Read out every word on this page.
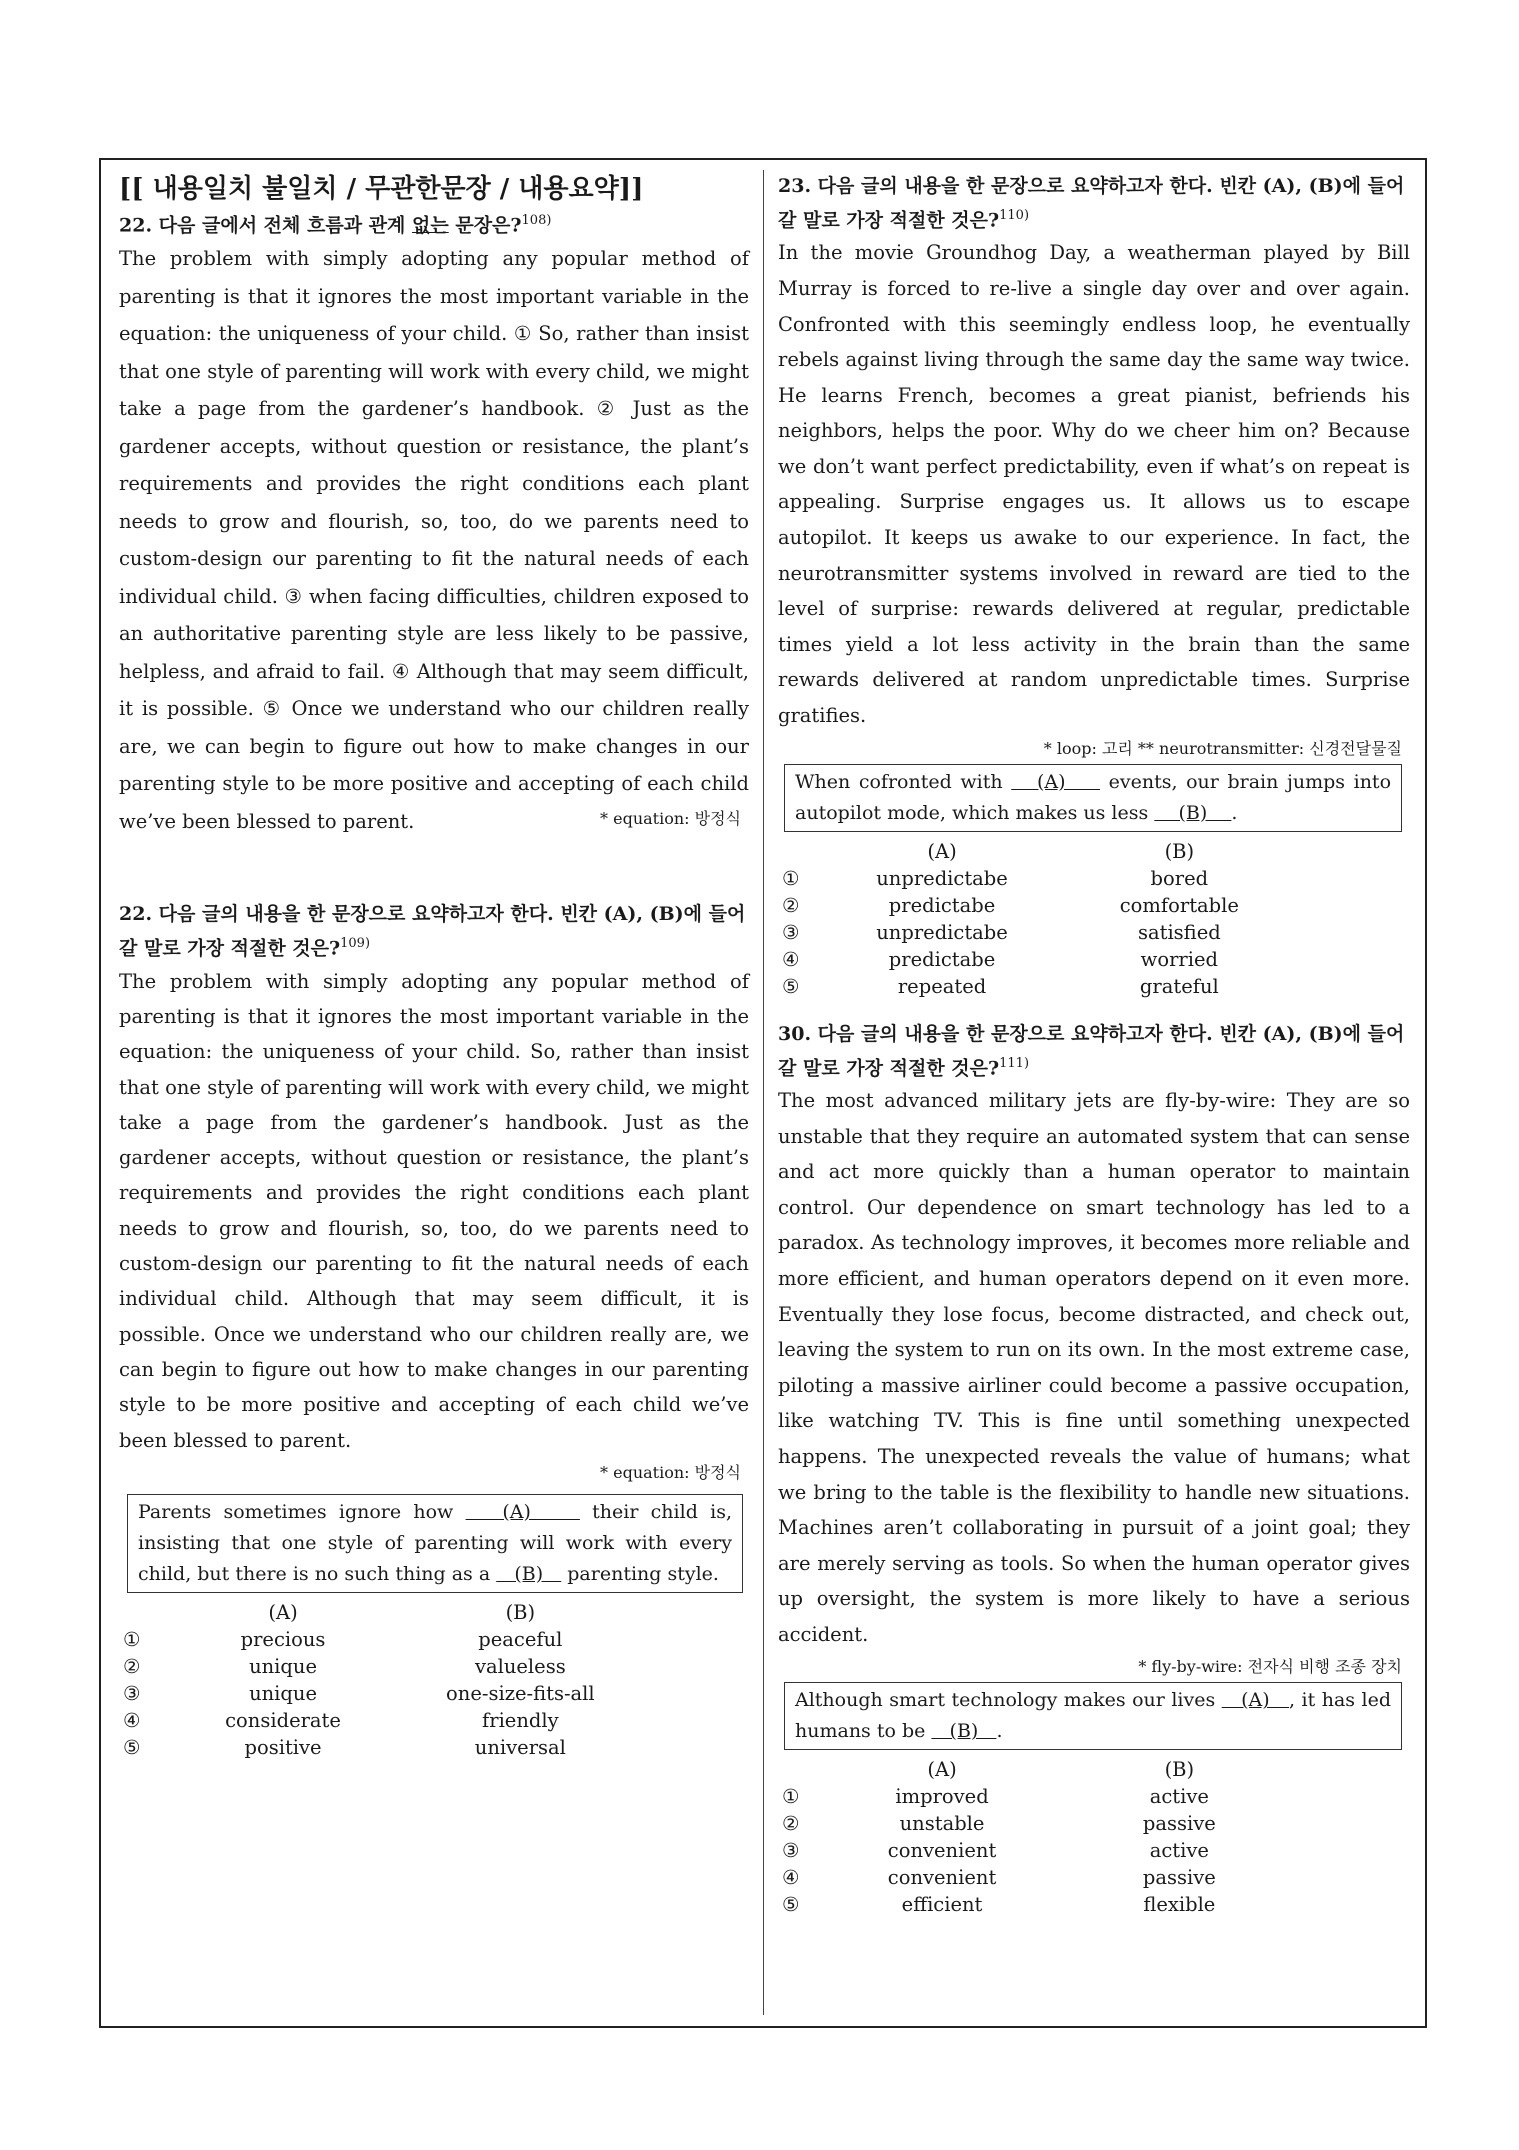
[[ 내용일치 불일치 / 무관한문장 / 내용요약]]
22. 다음 글에서 전체 흐름과 관계 없는 문장은?$^{108)}$

The problem with simply adopting any popular method of parenting is that it ignores the most important variable in the equation: the uniqueness of your child. ① So, rather than insist that one style of parenting will work with every child, we might take a page from the gardener’s handbook. ② Just as the gardener accepts, without question or resistance, the plant’s requirements and provides the right conditions each plant needs to grow and flourish, so, too, do we parents need to custom-design our parenting to fit the natural needs of each individual child. ③ when facing difficulties, children exposed to an authoritative parenting style are less likely to be passive, helpless, and afraid to fail. ④ Although that may seem difficult, it is possible. ⑤ Once we understand who our children really are, we can begin to figure out how to make changes in our parenting style to be more positive and accepting of each child we’ve been blessed to parent.	* equation: 방정식
22. 다음 글의 내용을 한 문장으로 요약하고자 한다. 빈칸 (A), (B)에 들어갈 말로 가장 적절한 것은?$^{109)}$

The problem with simply adopting any popular method of parenting is that it ignores the most important variable in the equation: the uniqueness of your child. So, rather than insist that one style of parenting will work with every child, we might take a page from the gardener’s handbook. Just as the gardener accepts, without question or resistance, the plant’s requirements and provides the right conditions each plant needs to grow and flourish, so, too, do we parents need to custom-design our parenting to fit the natural needs of each individual child. Although that may seem difficult, it is possible. Once we understand who our children really are, we can begin to figure out how to make changes in our parenting style to be more positive and accepting of each child we’ve been blessed to parent.

* equation: 방정식
Parents sometimes ignore how    (A)     their child is, insisting that one style of parenting will work with every child, but there is no such thing as a    (B)    parenting style.
	(A)	(B)
①	precious	peaceful
②	unique	valueless
③	unique	one-size-fits-all
④	considerate	friendly
⑤	positive	universal
23. 다음 글의 내용을 한 문장으로 요약하고자 한다. 빈칸 (A), (B)에 들어갈 말로 가장 적절한 것은?$^{110)}$

In the movie Groundhog Day, a weatherman played by Bill Murray is forced to re-live a single day over and over again. Confronted with this seemingly endless loop, he eventually rebels against living through the same day the same way twice. He learns French, becomes a great pianist, befriends his neighbors, helps the poor. Why do we cheer him on? Because we don’t want perfect predictability, even if what’s on repeat is appealing. Surprise engages us. It allows us to escape autopilot. It keeps us awake to our experience. In fact, the neurotransmitter systems involved in reward are tied to the level of surprise: rewards delivered at regular, predictable times yield a lot less activity in the brain than the same rewards delivered at random unpredictable times. Surprise gratifies.

* loop: 고리 ** neurotransmitter: 신경전달물질
When cofronted with    (A)     events, our brain jumps into autopilot mode, which makes us less     (B)    .
	(A)	(B)
①	unpredictabe	bored
②	predictabe	comfortable
③	unpredictabe	satisfied
④	predictabe	worried
⑤	repeated	grateful
30. 다음 글의 내용을 한 문장으로 요약하고자 한다. 빈칸 (A), (B)에 들어갈 말로 가장 적절한 것은?$^{111)}$

The most advanced military jets are fly-by-wire: They are so unstable that they require an automated system that can sense and act more quickly than a human operator to maintain control. Our dependence on smart technology has led to a paradox. As technology improves, it becomes more reliable and more efficient, and human operators depend on it even more. Eventually they lose focus, become distracted, and check out, leaving the system to run on its own. In the most extreme case, piloting a massive airliner could become a passive occupation, like watching TV. This is fine until something unexpected happens. The unexpected reveals the value of humans; what we bring to the table is the flexibility to handle new situations. Machines aren’t collaborating in pursuit of a joint goal; they are merely serving as tools. So when the human operator gives up oversight, the system is more likely to have a serious accident.

* fly-by-wire: 전자식 비행 조종 장치
Although smart technology makes our lives    (A)   , it has led humans to be    (B)   .
	(A)	(B)
①	improved	active
②	unstable	passive
③	convenient	active
④	convenient	passive
⑤	efficient	flexible
